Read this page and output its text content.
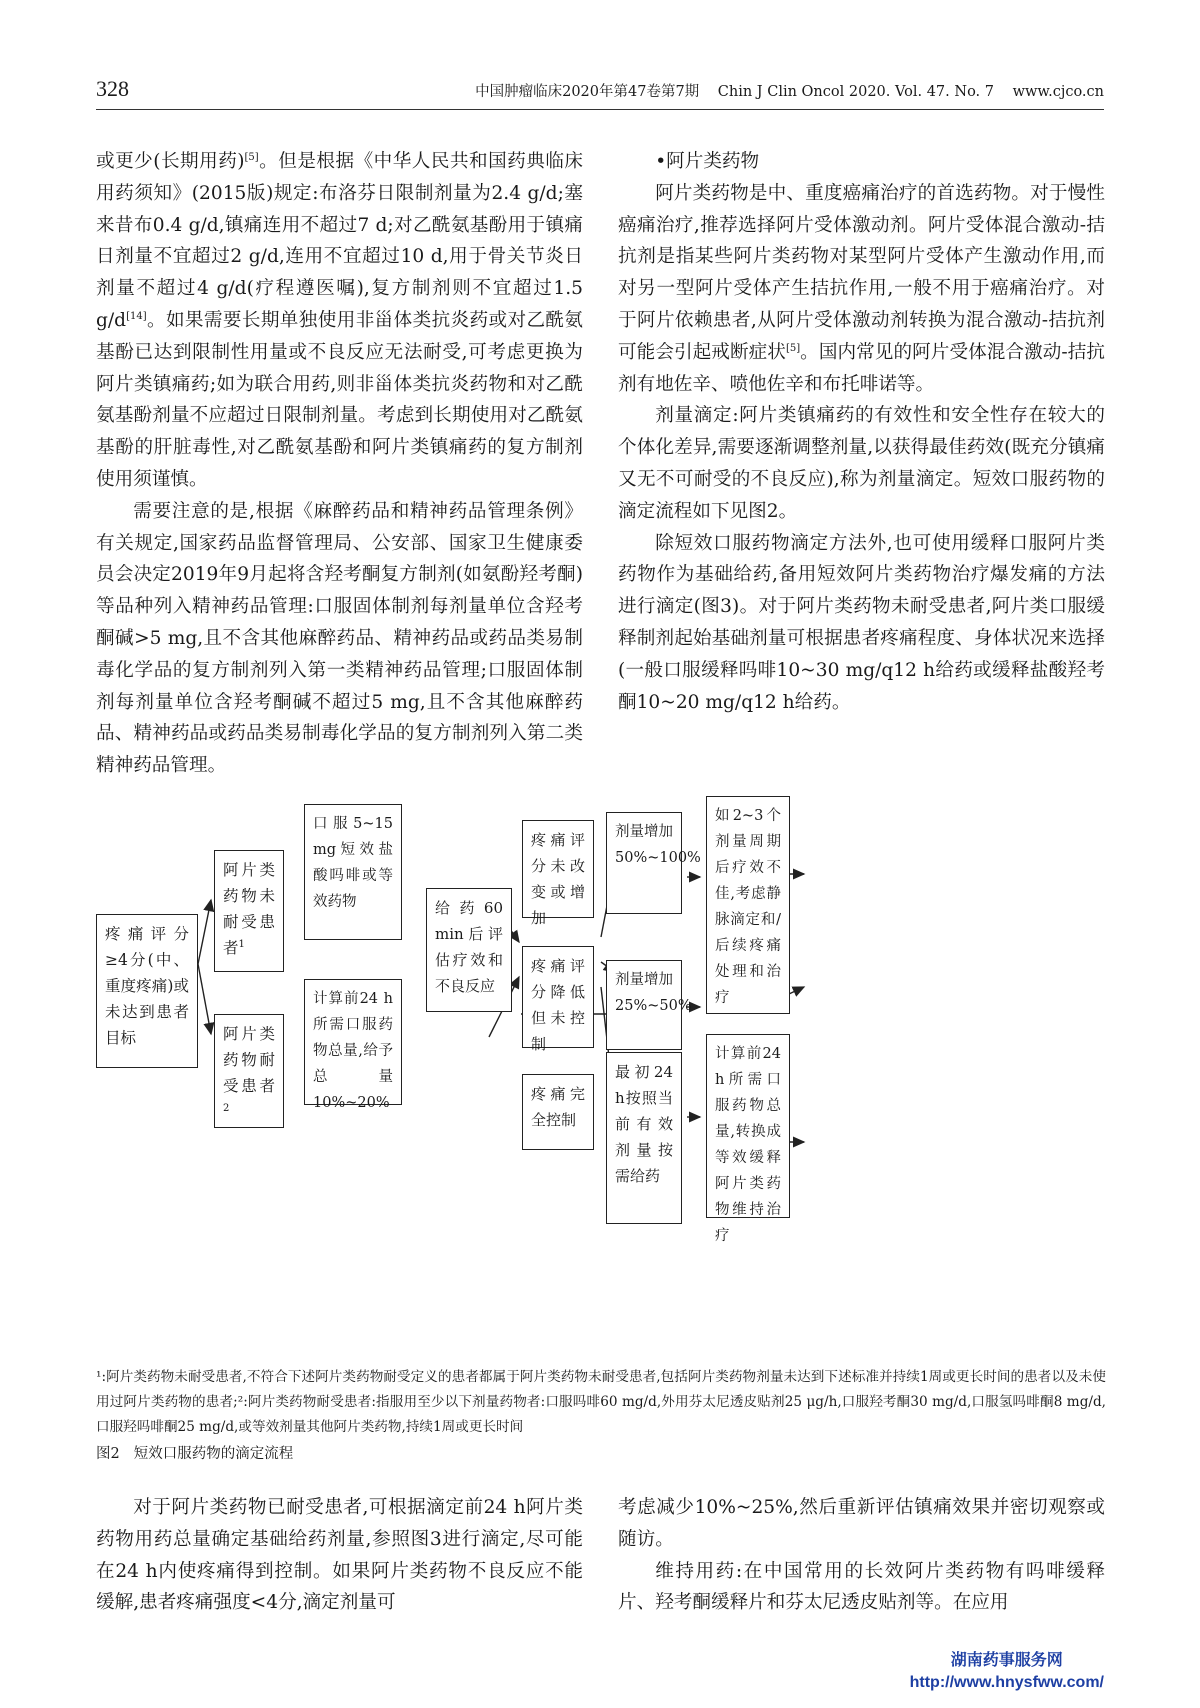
328	中国肿瘤临床2020年第47卷第7期 Chin J Clin Oncol 2020. Vol. 47. No. 7 www.cjco.cn

或更少(长期用药)[5]。但是根据《中华人民共和国药典临床用药须知》(2015版)规定:布洛芬日限制剂量为2.4 g/d;塞来昔布0.4 g/d,镇痛连用不超过7 d;对乙酰氨基酚用于镇痛日剂量不宜超过2 g/d,连用不宜超过10 d,用于骨关节炎日剂量不超过4 g/d(疗程遵医嘱),复方制剂则不宜超过1.5 g/d[14]。如果需要长期单独使用非甾体类抗炎药或对乙酰氨基酚已达到限制性用量或不良反应无法耐受,可考虑更换为阿片类镇痛药;如为联合用药,则非甾体类抗炎药物和对乙酰氨基酚剂量不应超过日限制剂量。考虑到长期使用对乙酰氨基酚的肝脏毒性,对乙酰氨基酚和阿片类镇痛药的复方制剂使用须谨慎。

需要注意的是,根据《麻醉药品和精神药品管理条例》有关规定,国家药品监督管理局、公安部、国家卫生健康委员会决定2019年9月起将含羟考酮复方制剂(如氨酚羟考酮)等品种列入精神药品管理:口服固体制剂每剂量单位含羟考酮碱>5 mg,且不含其他麻醉药品、精神药品或药品类易制毒化学品的复方制剂列入第一类精神药品管理;口服固体制剂每剂量单位含羟考酮碱不超过5 mg,且不含其他麻醉药品、精神药品或药品类易制毒化学品的复方制剂列入第二类精神药品管理。

•阿片类药物

阿片类药物是中、重度癌痛治疗的首选药物。对于慢性癌痛治疗,推荐选择阿片受体激动剂。阿片受体混合激动-拮抗剂是指某些阿片类药物对某型阿片受体产生激动作用,而对另一型阿片受体产生拮抗作用,一般不用于癌痛治疗。对于阿片依赖患者,从阿片受体激动剂转换为混合激动-拮抗剂可能会引起戒断症状[5]。国内常见的阿片受体混合激动-拮抗剂有地佐辛、喷他佐辛和布托啡诺等。

剂量滴定:阿片类镇痛药的有效性和安全性存在较大的个体化差异,需要逐渐调整剂量,以获得最佳药效(既充分镇痛又无不可耐受的不良反应),称为剂量滴定。短效口服药物的滴定流程如下见图2。

除短效口服药物滴定方法外,也可使用缓释口服阿片类药物作为基础给药,备用短效阿片类药物治疗爆发痛的方法进行滴定(图3)。对于阿片类药物未耐受患者,阿片类口服缓释制剂起始基础剂量可根据患者疼痛程度、身体状况来选择(一般口服缓释吗啡10~30 mg/q12 h给药或缓释盐酸羟考酮10~20 mg/q12 h给药。

疼痛评分≥4分(中、重度疼痛)或未达到患者目标
阿片类药物未耐受患者$^1$
阿片类药物耐受患者$^2$
口服5~15 mg短效盐酸吗啡或等效药物
计算前24 h所需口服药物总量,给予总量10%~20%
给药60 min后评估疗效和不良反应
疼痛评分未改变或增加
疼痛评分降低但未控制
疼痛完全控制
剂量增加50%~100%
剂量增加25%~50%
最初24 h按照当前有效剂量按需给药
如2~3个剂量周期后疗效不佳,考虑静脉滴定和/后续疼痛处理和治疗
计算前24 h所需口服药物总量,转换成等效缓释阿片类药物维持治疗
¹:阿片类药物未耐受患者,不符合下述阿片类药物耐受定义的患者都属于阿片类药物未耐受患者,包括阿片类药物剂量未达到下述标准并持续1周或更长时间的患者以及未使用过阿片类药物的患者;²:阿片类药物耐受患者:指服用至少以下剂量药物者:口服吗啡60 mg/d,外用芬太尼透皮贴剂25 μg/h,口服羟考酮30 mg/d,口服氢吗啡酮8 mg/d,口服羟吗啡酮25 mg/d,或等效剂量其他阿片类药物,持续1周或更长时间
图2 短效口服药物的滴定流程

对于阿片类药物已耐受患者,可根据滴定前24 h阿片类药物用药总量确定基础给药剂量,参照图3进行滴定,尽可能在24 h内使疼痛得到控制。如果阿片类药物不良反应不能缓解,患者疼痛强度<4分,滴定剂量可

考虑减少10%~25%,然后重新评估镇痛效果并密切观察或随访。

维持用药:在中国常用的长效阿片类药物有吗啡缓释片、羟考酮缓释片和芬太尼透皮贴剂等。在应用

湖南药事服务网
http://www.hnysfww.com/
